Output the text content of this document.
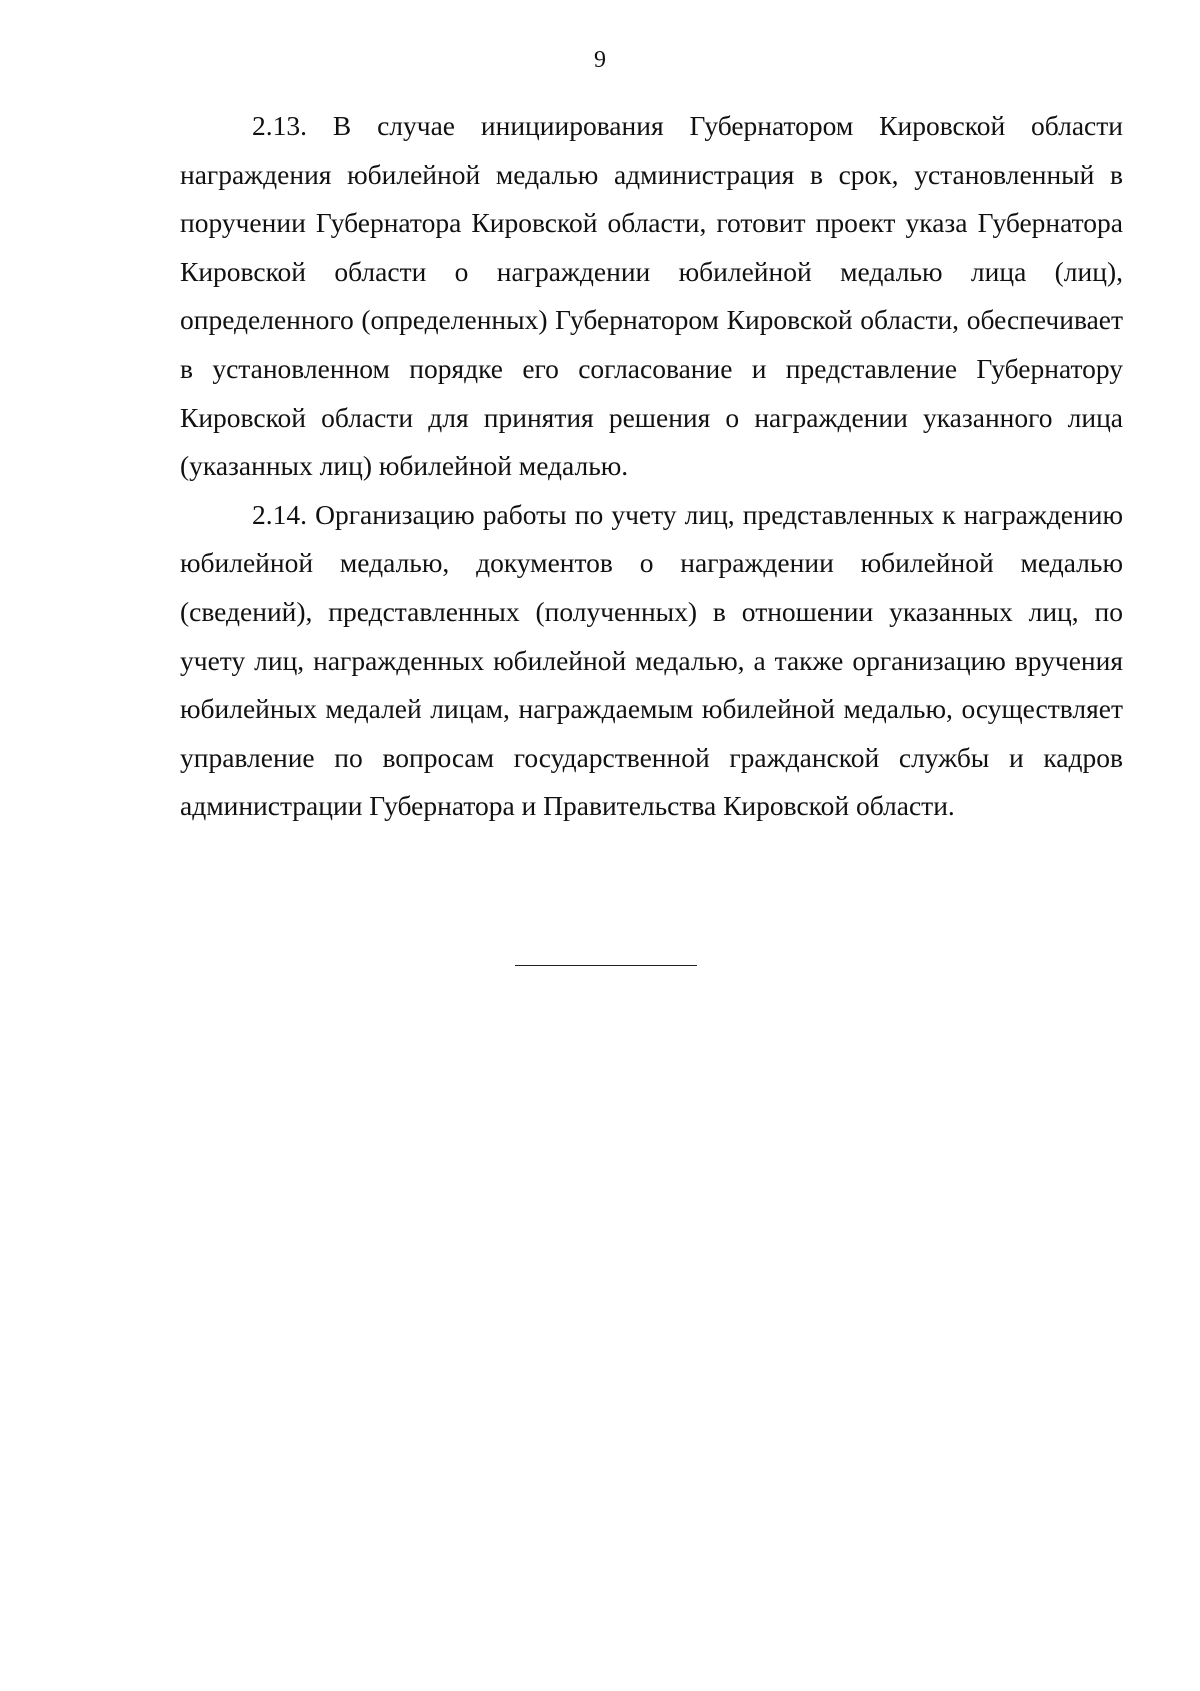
9

2.13. В случае инициирования Губернатором Кировской области награждения юбилейной медалью администрация в срок, установленный в поручении Губернатора Кировской области, готовит проект указа Губернатора Кировской области о награждении юбилейной медалью лица (лиц), определенного (определенных) Губернатором Кировской области, обеспечивает в установленном порядке его согласование и представление Губернатору Кировской области для принятия решения о награждении указанного лица (указанных лиц) юбилейной медалью.

2.14. Организацию работы по учету лиц, представленных к награждению юбилейной медалью, документов о награждении юбилейной медалью (сведений), представленных (полученных) в отношении указанных лиц, по учету лиц, награжденных юбилейной медалью, а также организацию вручения юбилейных медалей лицам, награждаемым юбилейной медалью, осуществляет управление по вопросам государственной гражданской службы и кадров администрации Губернатора и Правительства Кировской области.
